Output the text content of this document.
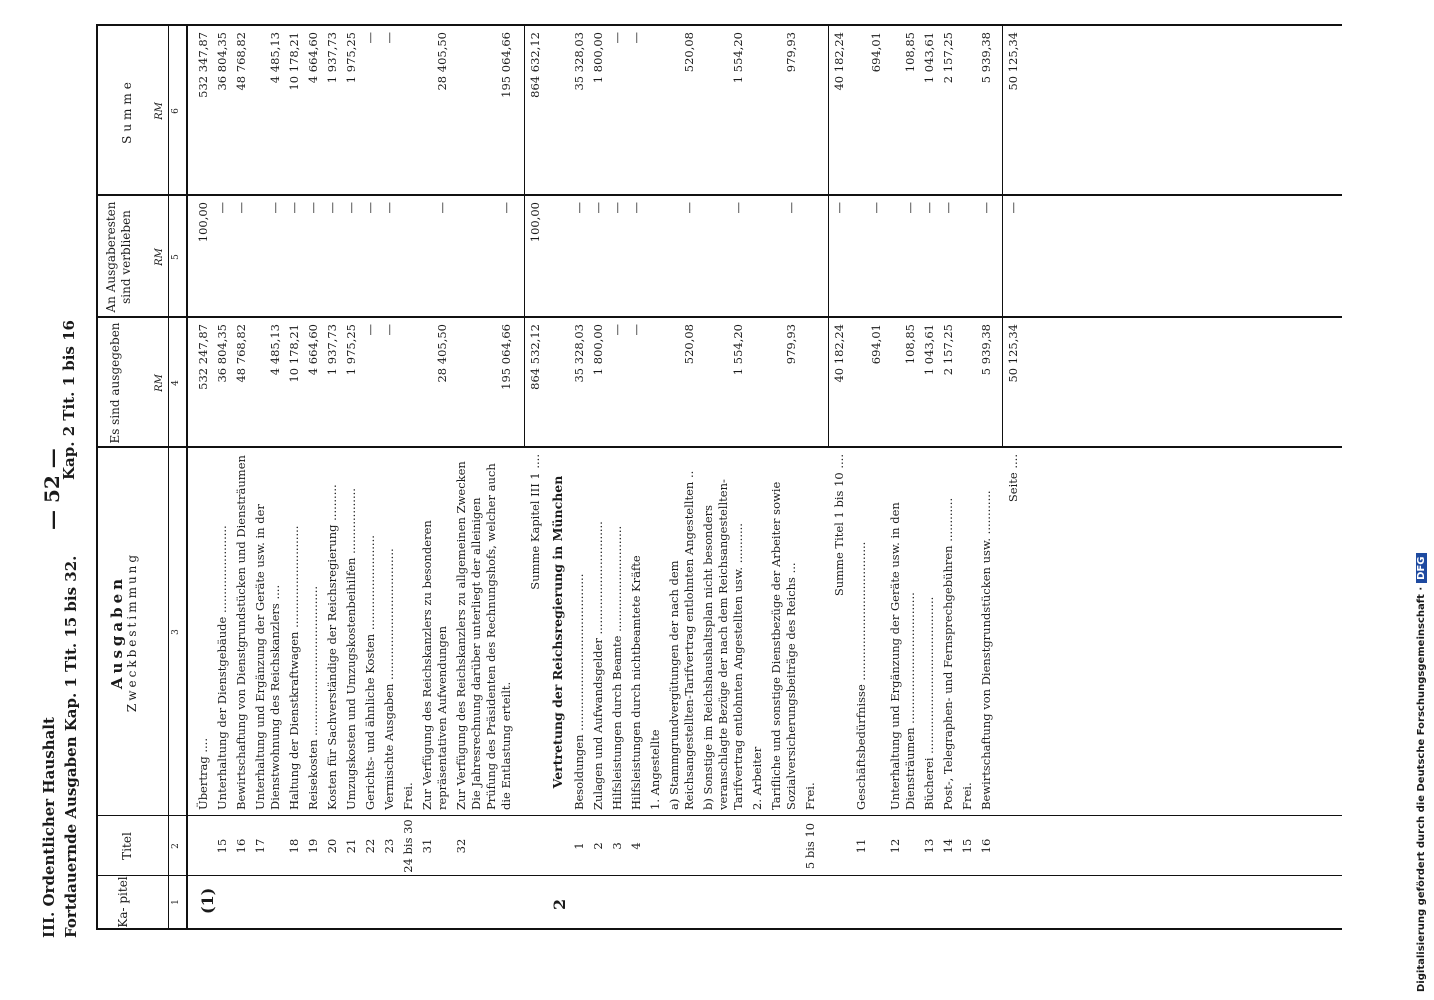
III. Ordentlicher Haushalt Fortdauernde Ausgaben Kap. 1 Tit. 15 bis 32.
— 52 —
Kap. 2 Tit. 1 bis 16
Ka- pitel
Titel
Ausgaben Zweckbestimmung
Es sind ausgegeben
An Ausgaberesten sind verblieben
Summe
RM
RM
RM
1
2
3
4
5
6
Übertrag ....
532 247,87
100,00
532 347,87
15
Unterhaltung der Dienstgebäude ........................
36 804,35
—
36 804,35
16
Bewirtschaftung von Dienstgrundstücken und Diensträumen
48 768,82
—
48 768,82
17
Unterhaltung und Ergänzung der Geräte usw. in der Dienstwohnung des Reichskanzlers ....
4 485,13
—
4 485,13
18
Haltung der Dienstkraftwagen ............................
10 178,21
—
10 178,21
19
Reisekosten .........................................
4 664,60
—
4 664,60
20
Kosten für Sachverständige der Reichsregierung ..........
1 937,73
—
1 937,73
21
Umzugskosten und Umzugskostenbeihilfen ..................
1 975,25
—
1 975,25
22
Gerichts- und ähnliche Kosten ..........................
—
—
—
23
Vermischte Ausgaben ....................................
—
—
—
24 bis 30
Frei.
31
Zur Verfügung des Reichskanzlers zu besonderen repräsentativen Aufwendungen
28 405,50
—
28 405,50
32
Zur Verfügung des Reichskanzlers zu allgemeinen Zwecken Die Jahresrechnung darüber unterliegt der alleinigen Prüfung des Präsidenten des Rechnungshofs, welcher auch die Entlastung erteilt.
195 064,66
—
195 064,66
(1)
Summe Kapitel III 1 ....
864 532,12
100,00
864 632,12
2
Vertretung der Reichsregierung in München
1
Besoldungen ...........................................
35 328,03
—
35 328,03
2
Zulagen und Aufwandsgelder ...............................
1 800,00
—
1 800,00
3
Hilfsleistungen durch Beamte .............................
—
—
—
4
Hilfsleistungen durch nichtbeamtete Kräfte
—
—
—
1. Angestellte a) Stammgrundvergütungen der nach dem Reichsangestellten-Tarifvertrag entlohnten Angestellten ..
520,08
—
520,08
b) Sonstige im Reichshaushaltsplan nicht besonders veranschlagte Bezüge der nach dem Reichsangestellten-Tarifvertrag entlohnten Angestellten usw. ...........
1 554,20
—
1 554,20
2. Arbeiter Tarifliche und sonstige Dienstbezüge der Arbeiter sowie Sozialversicherungsbeiträge des Reichs ...
979,93
—
979,93
5 bis 10
Frei.
Summe Titel 1 bis 10 ....
40 182,24
—
40 182,24
11
Geschäftsbedürfnisse ......................................
694,01
—
694,01
12
Unterhaltung und Ergänzung der Geräte usw. in den Diensträumen ....................................
108,85
—
108,85
13
Bücherei ...........................................
1 043,61
—
1 043,61
14
Post-, Telegraphen- und Fernsprechgebühren ............
2 157,25
—
2 157,25
15
Frei.
16
Bewirtschaftung von Dienstgrundstücken usw. ............
5 939,38
—
5 939,38
Seite ....
50 125,34
—
50 125,34
Digitalisierung gefördert durch die Deutsche Forschungsgemeinschaft ·DFG
